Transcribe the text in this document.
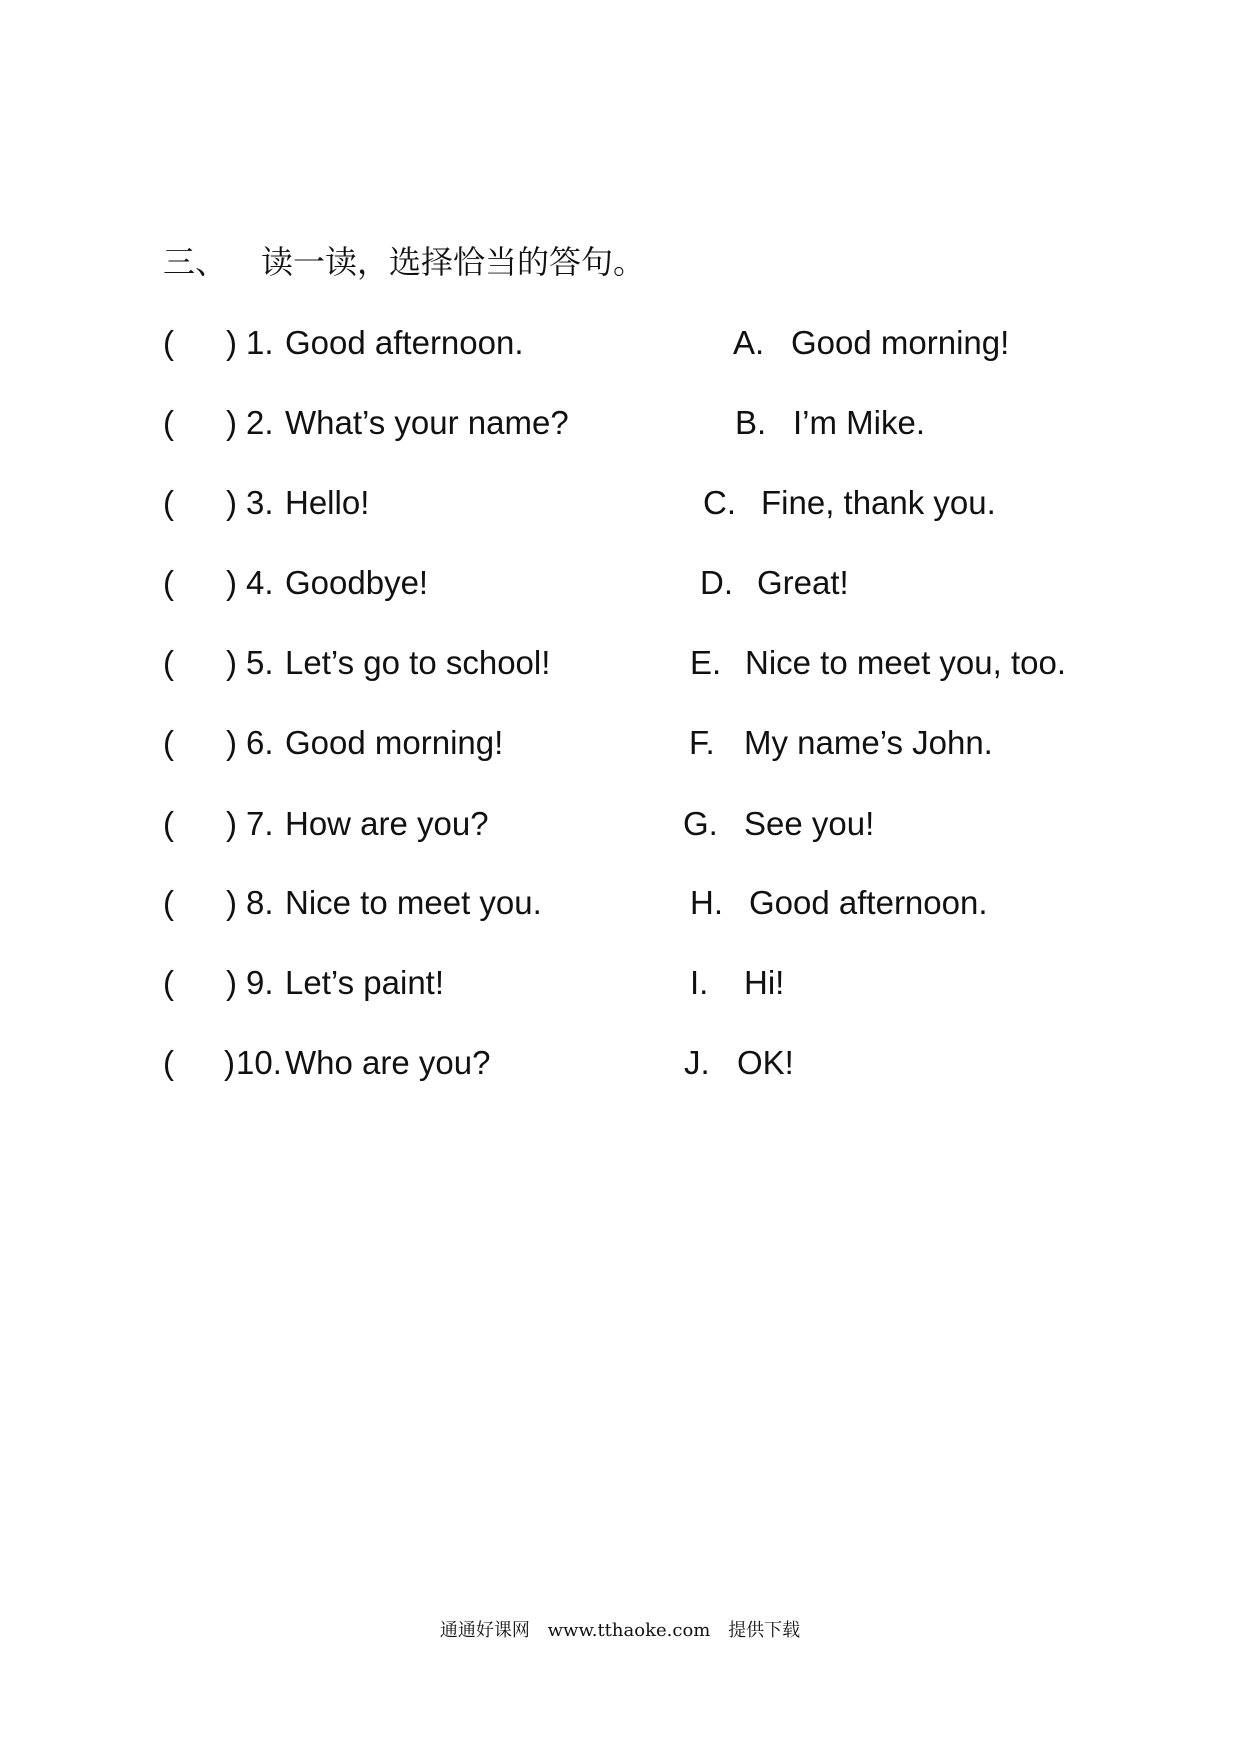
三、 读一读，选择恰当的答句。
( ) 1. Good afternoon.	A. Good morning!
( ) 2. What’s your name?	B. I’m Mike.
( ) 3. Hello!	C. Fine, thank you.
( ) 4. Goodbye!	D. Great!
( ) 5. Let’s go to school!	E. Nice to meet you, too.
( ) 6. Good morning!	F. My name’s John.
( ) 7. How are you?	G. See you!
( ) 8. Nice to meet you.	H. Good afternoon.
( ) 9. Let’s paint!	I. Hi!
( ) 10. Who are you?	J. OK!
通通好课网 www.tthaoke.com 提供下载
